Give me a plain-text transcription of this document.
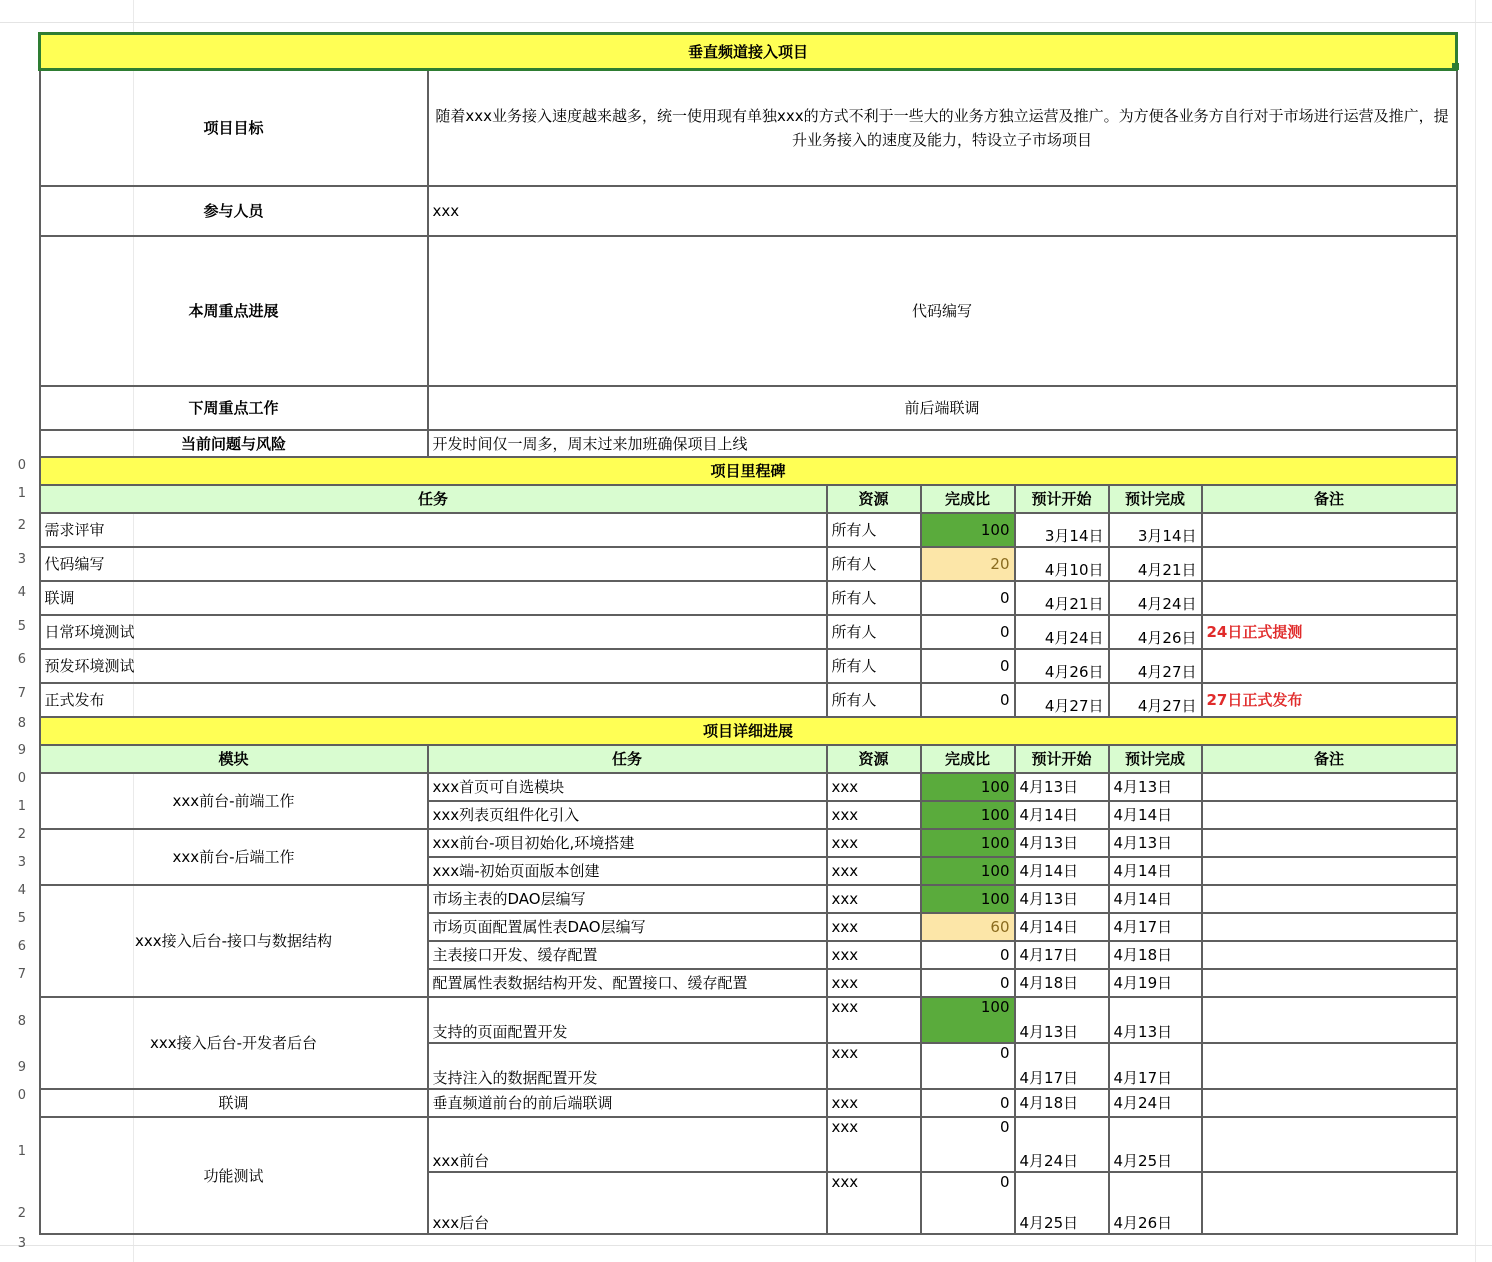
0
1
2
3
4
5
6
7
8
9
0
1
2
3
4
5
6
7
8
9
0
1
2
3
垂直频道接入项目						
项目目标	随着xxx业务接入速度越来越多，统一使用现有单独xxx的方式不利于一些大的业务方独立运营及推广。为方便各业务方自行对于市场进行运营及推广，提升业务接入的速度及能力，特设立子市场项目					
参与人员	xxx					
本周重点进展	代码编写					
下周重点工作	前后端联调					
当前问题与风险	开发时间仅一周多，周末过来加班确保项目上线					
项目里程碑						
任务		资源	完成比	预计开始	预计完成	备注
需求评审		所有人	100	3月14日	3月14日	
代码编写		所有人	20	4月10日	4月21日	
联调		所有人	0	4月21日	4月24日	
日常环境测试		所有人	0	4月24日	4月26日	24日正式提测
预发环境测试		所有人	0	4月26日	4月27日	
正式发布		所有人	0	4月27日	4月27日	27日正式发布
项目详细进展						
模块	任务	资源	完成比	预计开始	预计完成	备注
xxx前台-前端工作	xxx首页可自选模块	xxx	100	4月13日	4月13日	
	xxx列表页组件化引入	xxx	100	4月14日	4月14日	
xxx前台-后端工作	xxx前台-项目初始化,环境搭建	xxx	100	4月13日	4月13日	
	xxx端-初始页面版本创建	xxx	100	4月14日	4月14日	
xxx接入后台-接口与数据结构	市场主表的DAO层编写	xxx	100	4月13日	4月14日	
	市场页面配置属性表DAO层编写	xxx	60	4月14日	4月17日	
	主表接口开发、缓存配置	xxx	0	4月17日	4月18日	
	配置属性表数据结构开发、配置接口、缓存配置	xxx	0	4月18日	4月19日	
xxx接入后台-开发者后台	支持的页面配置开发	xxx	100	4月13日	4月13日	
	支持注入的数据配置开发	xxx	0	4月17日	4月17日	
联调	垂直频道前台的前后端联调	xxx	0	4月18日	4月24日	
功能测试	xxx前台	xxx	0	4月24日	4月25日	
	xxx后台	xxx	0	4月25日	4月26日	
